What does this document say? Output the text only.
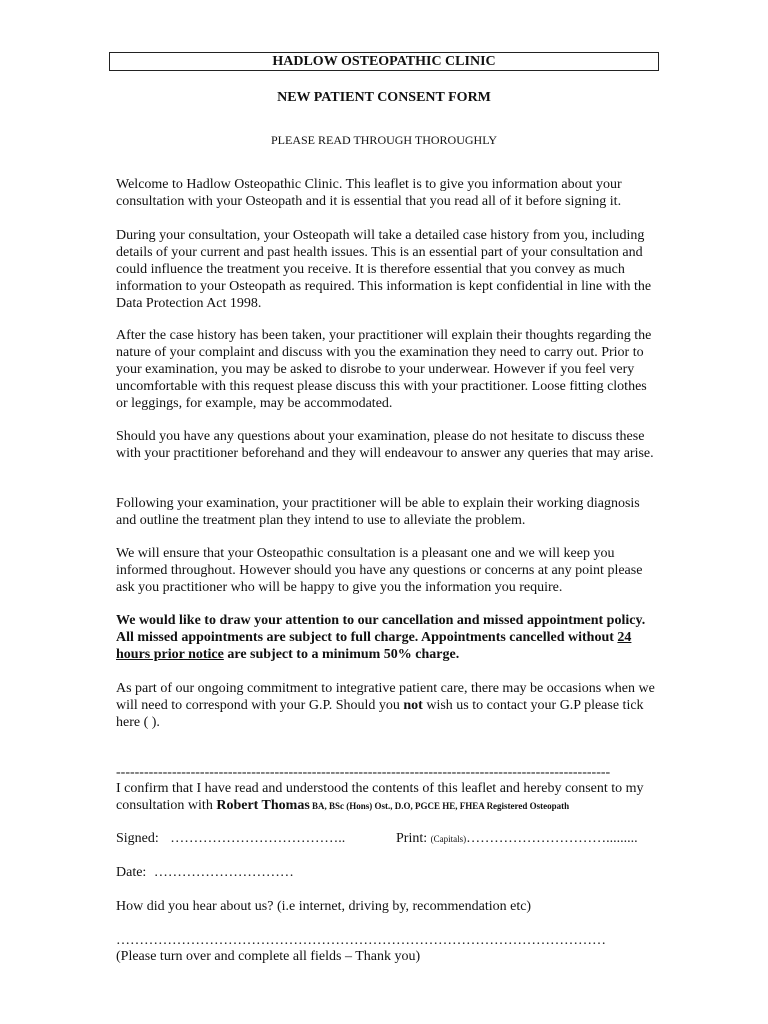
HADLOW OSTEOPATHIC CLINIC
NEW PATIENT CONSENT FORM
PLEASE READ THROUGH THOROUGHLY

Welcome to Hadlow Osteopathic Clinic. This leaflet is to give you information about your consultation with your Osteopath and it is essential that you read all of it before signing it.

During your consultation, your Osteopath will take a detailed case history from you, including details of your current and past health issues. This is an essential part of your consultation and could influence the treatment you receive. It is therefore essential that you convey as much information to your Osteopath as required. This information is kept confidential in line with the Data Protection Act 1998.

After the case history has been taken, your practitioner will explain their thoughts regarding the nature of your complaint and discuss with you the examination they need to carry out. Prior to your examination, you may be asked to disrobe to your underwear. However if you feel very uncomfortable with this request please discuss this with your practitioner. Loose fitting clothes or leggings, for example, may be accommodated.

Should you have any questions about your examination, please do not hesitate to discuss these with your practitioner beforehand and they will endeavour to answer any queries that may arise.

Following your examination, your practitioner will be able to explain their working diagnosis and outline the treatment plan they intend to use to alleviate the problem.

We will ensure that your Osteopathic consultation is a pleasant one and we will keep you informed throughout. However should you have any questions or concerns at any point please ask you practitioner who will be happy to give you the information you require.

We would like to draw your attention to our cancellation and missed appointment policy. All missed appointments are subject to full charge. Appointments cancelled without 24 hours prior notice are subject to a minimum 50% charge.

As part of our ongoing commitment to integrative patient care, there may be occasions when we will need to correspond with your G.P. Should you not wish us to contact your G.P please tick here ( ).

----------------------------------------------------------------------------------------------------------

I confirm that I have read and understood the contents of this leaflet and hereby consent to my consultation with Robert Thomas BA, BSc (Hons) Ost., D.O, PGCE HE, FHEA Registered Osteopath

Signed: ………………………………..	Print: (Capitals)………………………….........
Date: …………………………
How did you hear about us? (i.e internet, driving by, recommendation etc)
……………………………………………………………………………………………
(Please turn over and complete all fields – Thank you)
